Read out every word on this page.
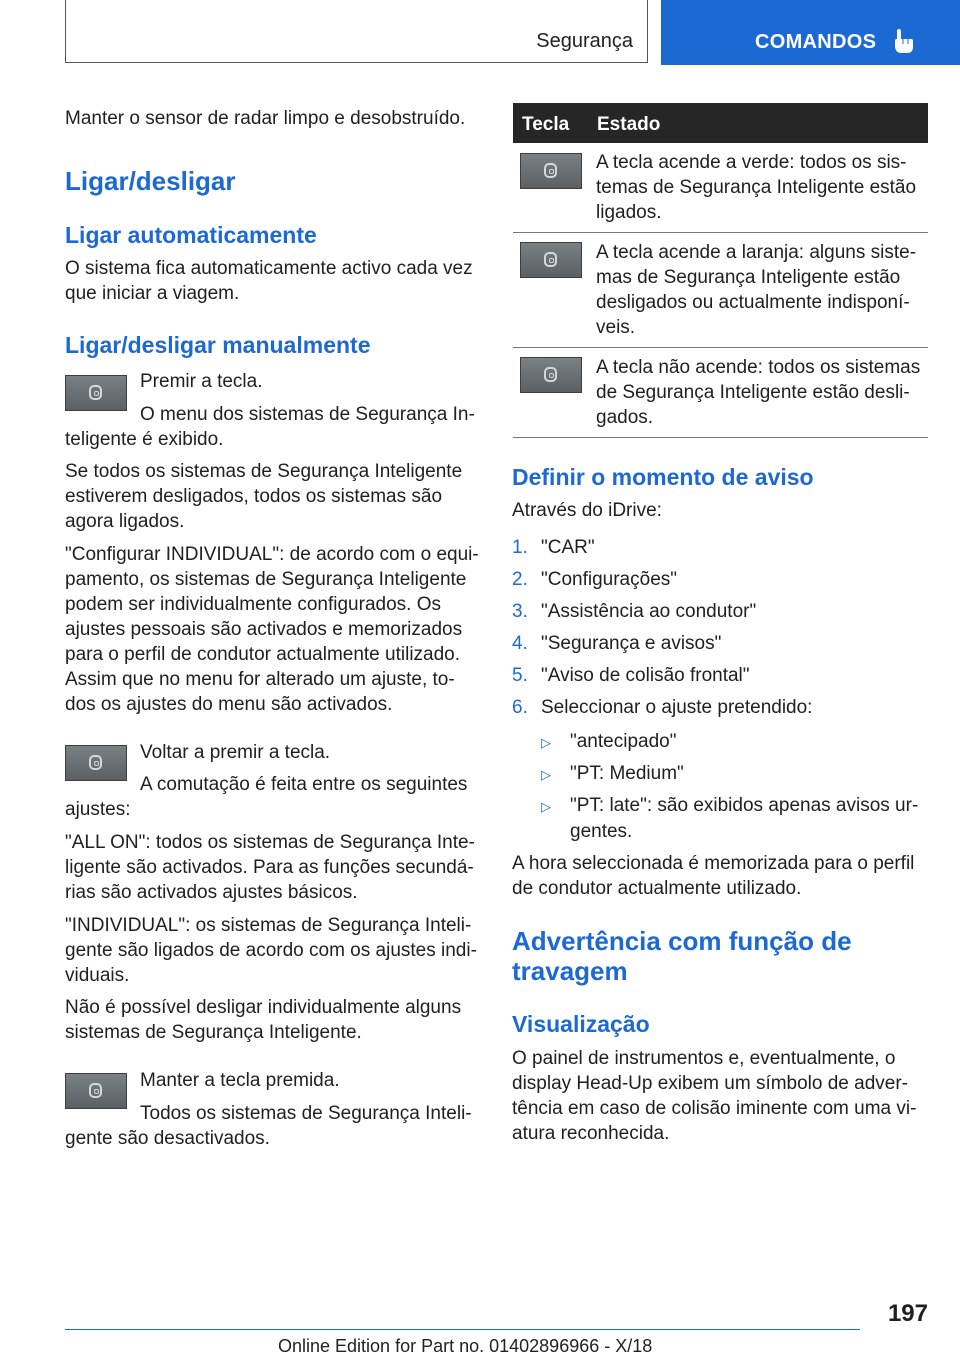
Segurança	COMANDOS
Manter o sensor de radar limpo e desobstruído.
Ligar/desligar
Ligar automaticamente
O sistema fica automaticamente activo cada vez
que iniciar a viagem.
Ligar/desligar manualmente
Premir a tecla.
O menu dos sistemas de Segurança In-
teligente é exibido.
Se todos os sistemas de Segurança Inteligente
estiverem desligados, todos os sistemas são
agora ligados.
"Configurar INDIVIDUAL": de acordo com o equi-
pamento, os sistemas de Segurança Inteligente
podem ser individualmente configurados. Os
ajustes pessoais são activados e memorizados
para o perfil de condutor actualmente utilizado.
Assim que no menu for alterado um ajuste, to-
dos os ajustes do menu são activados.
Voltar a premir a tecla.
A comutação é feita entre os seguintes
ajustes:
"ALL ON": todos os sistemas de Segurança Inte-
ligente são activados. Para as funções secundá-
rias são activados ajustes básicos.
"INDIVIDUAL": os sistemas de Segurança Inteli-
gente são ligados de acordo com os ajustes indi-
viduais.
Não é possível desligar individualmente alguns
sistemas de Segurança Inteligente.
Manter a tecla premida.
Todos os sistemas de Segurança Inteli-
gente são desactivados.
Tecla Estado
A tecla acende a verde: todos os sis-
temas de Segurança Inteligente estão
ligados.
A tecla acende a laranja: alguns siste-
mas de Segurança Inteligente estão
desligados ou actualmente indisponí-
veis.
A tecla não acende: todos os sistemas
de Segurança Inteligente estão desli-
gados.
Definir o momento de aviso
Através do iDrive:
1. "CAR"
2. "Configurações"
3. "Assistência ao condutor"
4. "Segurança e avisos"
5. "Aviso de colisão frontal"
6. Seleccionar o ajuste pretendido:
▷ "antecipado"
▷ "PT: Medium"
▷ "PT: late": são exibidos apenas avisos ur-
gentes.
A hora seleccionada é memorizada para o perfil
de condutor actualmente utilizado.
Advertência com função de
travagem
Visualização
O painel de instrumentos e, eventualmente, o
display Head-Up exibem um símbolo de adver-
tência em caso de colisão iminente com uma vi-
atura reconhecida.
197
Online Edition for Part no. 01402896966 - X/18
